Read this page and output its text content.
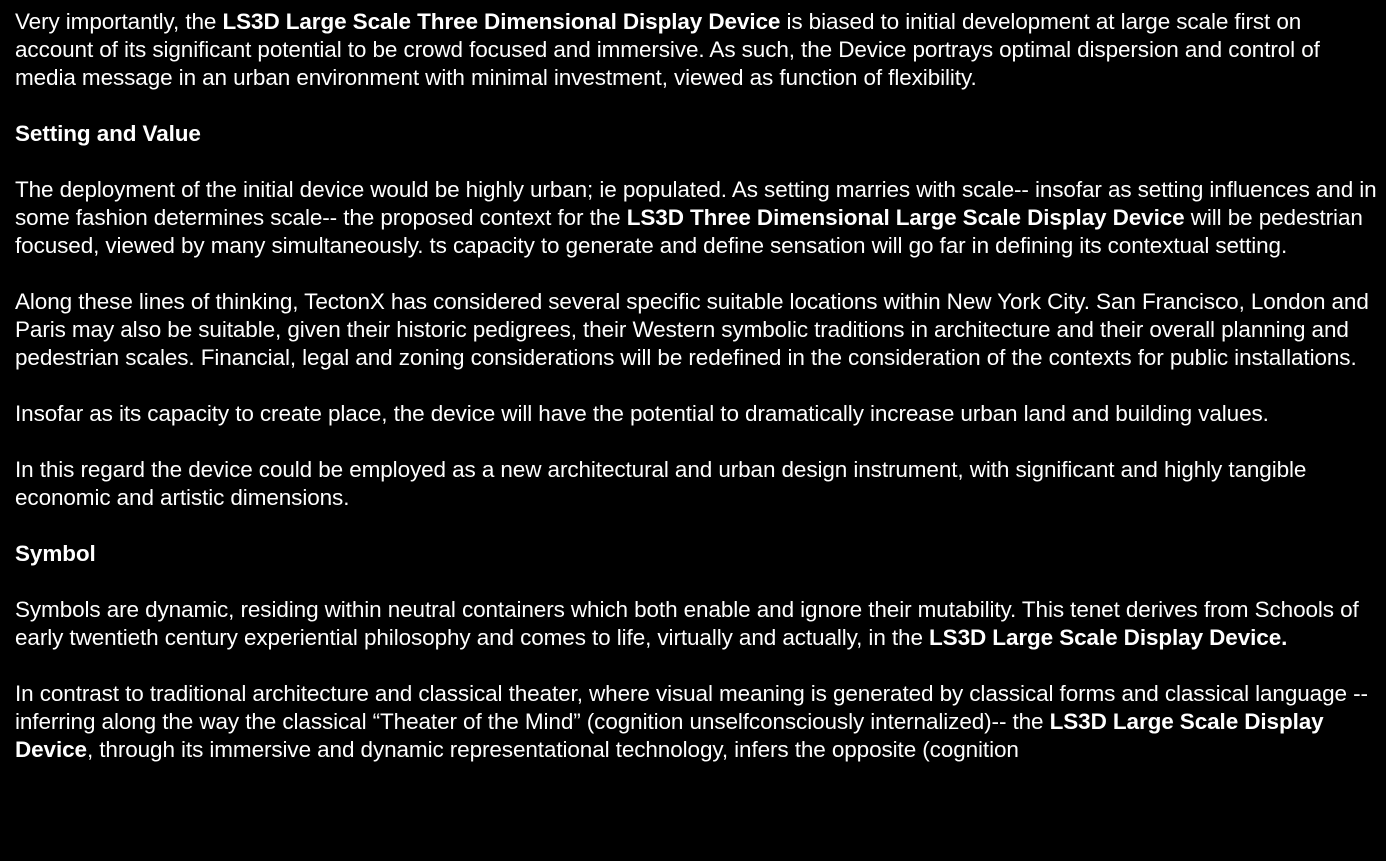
Very importantly, the LS3D Large Scale Three Dimensional Display Device is biased to initial development at large scale first on account of its significant potential to be crowd focused and immersive. As such, the Device portrays optimal dispersion and control of media message in an urban environment with minimal investment, viewed as function of flexibility.

Setting and Value

The deployment of the initial device would be highly urban; ie populated. As setting marries with scale-- insofar as setting influences and in some fashion determines scale-- the proposed context for the LS3D Three Dimensional Large Scale Display Device will be pedestrian focused, viewed by many simultaneously. ts capacity to generate and define sensation will go far in defining its contextual setting.

Along these lines of thinking, TectonX has considered several specific suitable locations within New York City. San Francisco, London and Paris may also be suitable, given their historic pedigrees, their Western symbolic traditions in architecture and their overall planning and pedestrian scales. Financial, legal and zoning considerations will be redefined in the consideration of the contexts for public installations.

Insofar as its capacity to create place, the device will have the potential to dramatically increase urban land and building values.

In this regard the device could be employed as a new architectural and urban design instrument, with significant and highly tangible economic and artistic dimensions.

Symbol

Symbols are dynamic, residing within neutral containers which both enable and ignore their mutability. This tenet derives from Schools of early twentieth century experiential philosophy and comes to life, virtually and actually, in the LS3D Large Scale Display Device.

In contrast to traditional architecture and classical theater, where visual meaning is generated by classical forms and classical language -- inferring along the way the classical “Theater of the Mind” (cognition unselfconsciously internalized)-- the LS3D Large Scale Display Device, through its immersive and dynamic representational technology, infers the opposite (cognition
